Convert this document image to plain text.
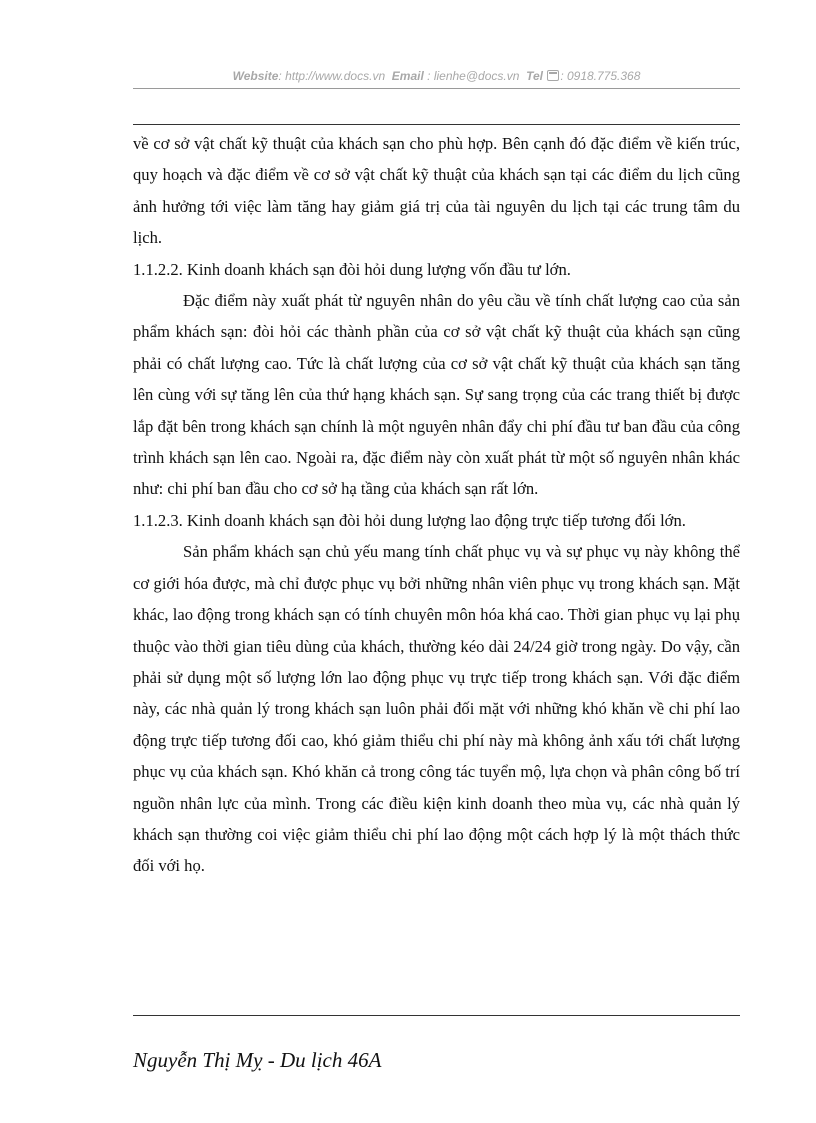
Website: http://www.docs.vn Email : lienhe@docs.vn Tel : 0918.775.368

về cơ sở vật chất kỹ thuật của khách sạn cho phù hợp. Bên cạnh đó đặc điểm về kiến trúc, quy hoạch và đặc điểm về cơ sở vật chất kỹ thuật của khách sạn tại các điểm du lịch cũng ảnh hưởng tới việc làm tăng hay giảm giá trị của tài nguyên du lịch tại các trung tâm du lịch.

1.1.2.2. Kinh doanh khách sạn đòi hỏi dung lượng vốn đầu tư lớn.

Đặc điểm này xuất phát từ nguyên nhân do yêu cầu về tính chất lượng cao của sản phẩm khách sạn: đòi hỏi các thành phần của cơ sở vật chất kỹ thuật của khách sạn cũng phải có chất lượng cao. Tức là chất lượng của cơ sở vật chất kỹ thuật của khách sạn tăng lên cùng với sự tăng lên của thứ hạng khách sạn. Sự sang trọng của các trang thiết bị được lắp đặt bên trong khách sạn chính là một nguyên nhân đẩy chi phí đầu tư ban đầu của công trình khách sạn lên cao. Ngoài ra, đặc điểm này còn xuất phát từ một số nguyên nhân khác như: chi phí ban đầu cho cơ sở hạ tầng của khách sạn rất lớn.

1.1.2.3. Kinh doanh khách sạn đòi hỏi dung lượng lao động trực tiếp tương đối lớn.

Sản phẩm khách sạn chủ yếu mang tính chất phục vụ và sự phục vụ này không thể cơ giới hóa được, mà chỉ được phục vụ bởi những nhân viên phục vụ trong khách sạn. Mặt khác, lao động trong khách sạn có tính chuyên môn hóa khá cao. Thời gian phục vụ lại phụ thuộc vào thời gian tiêu dùng của khách, thường kéo dài 24/24 giờ trong ngày. Do vậy, cần phải sử dụng một số lượng lớn lao động phục vụ trực tiếp trong khách sạn. Với đặc điểm này, các nhà quản lý trong khách sạn luôn phải đối mặt với những khó khăn về chi phí lao động trực tiếp tương đối cao, khó giảm thiểu chi phí này mà không ảnh xấu tới chất lượng phục vụ của khách sạn. Khó khăn cả trong công tác tuyển mộ, lựa chọn và phân công bố trí nguồn nhân lực của mình. Trong các điều kiện kinh doanh theo mùa vụ, các nhà quản lý khách sạn thường coi việc giảm thiểu chi phí lao động một cách hợp lý là một thách thức đối với họ.

Nguyễn Thị Mỵ - Du lịch 46A
